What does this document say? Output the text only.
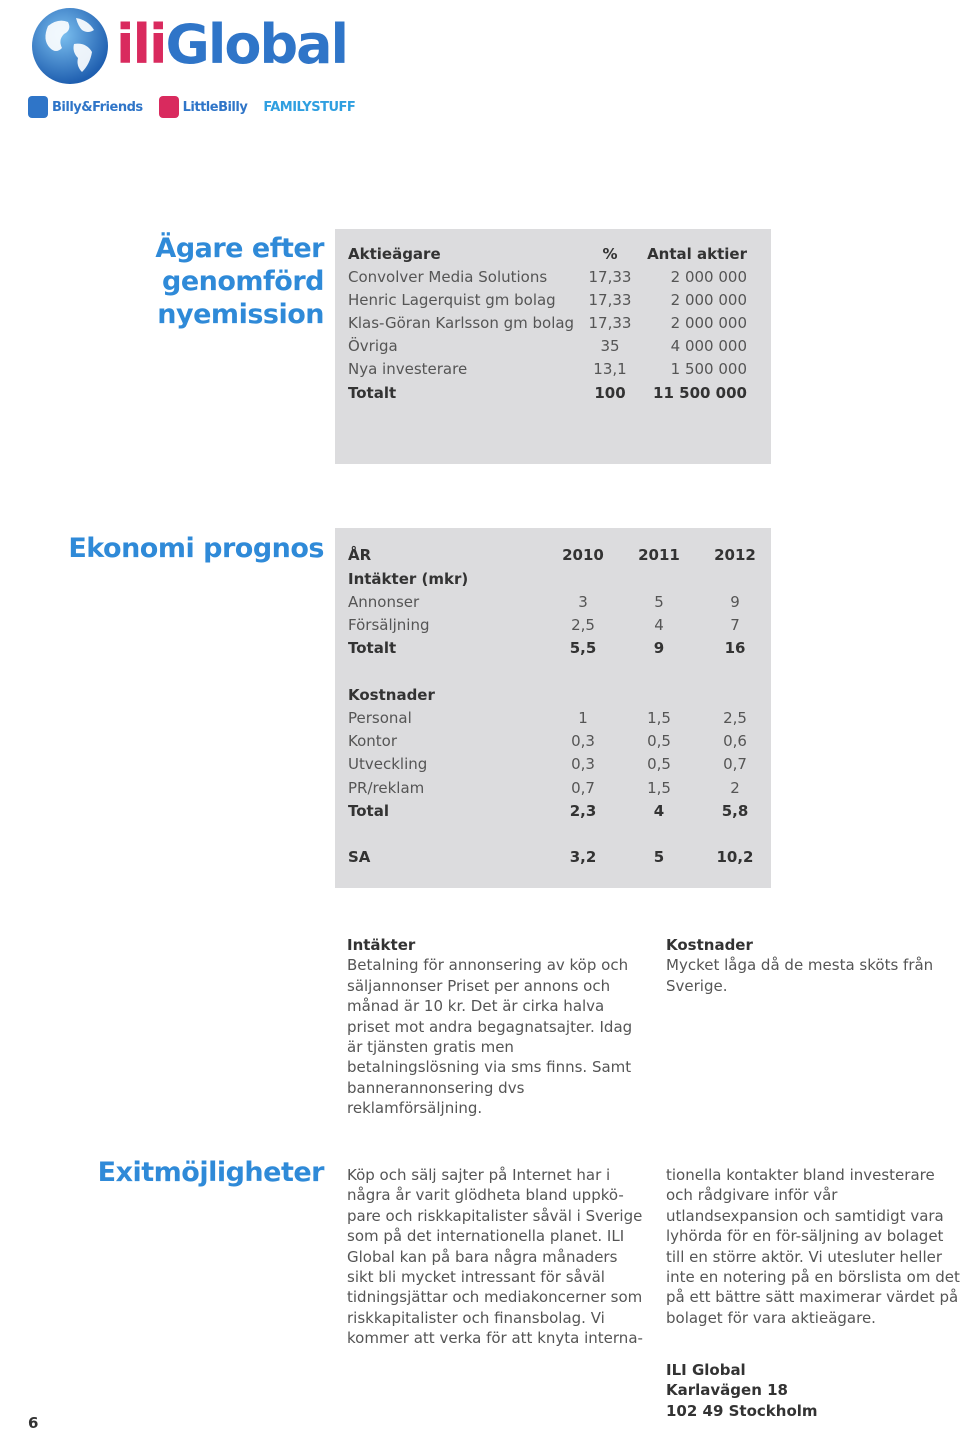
iliGlobal
Billy&Friends	LittleBilly FAMILYSTUFF
Ägare efter
genomförd nyemission
Aktieägare	%	Antal aktier
Convolver Media Solutions	17,33	2 000 000
Henric Lagerquist gm bolag	17,33	2 000 000
Klas-Göran Karlsson gm bolag 17,33	2 000 000
Övriga	35	4 000 000
Nya investerare	13,1	1 500 000
Totalt	100	11 500 000
Ekonomi prognos ÅR	2010	2011	2012
Intäkter (mkr)
Annonser	3	5	9
Försäljning	2,5	4	7
Totalt	5,5	9	16
Kostnader
Personal	1	1,5	2,5
Kontor	0,3	0,5	0,6
Utveckling	0,3	0,5	0,7
PR/reklam	0,7	1,5	2
Total	2,3	4	5,8
SA	3,2	5	10,2
Intäkter
Betalning för annonsering av köp och säljannonser Priset per annons och månad är 10 kr. Det är cirka halva priset mot andra begagnatsajter. Idag är tjänsten gratis men betalningslösning via sms finns. Samt bannerannonsering dvs reklamförsäljning.
Kostnader
Mycket låga då de mesta sköts från Sverige.
Exitmöjligheter Köp och sälj sajter på Internet har i några år varit glödheta bland uppkö-pare och riskkapitalister såväl i Sverige som på det internationella planet. ILI Global kan på bara några månaders sikt bli mycket intressant för såväl tidningsjättar och mediakoncerner som riskkapitalister och finansbolag. Vi kommer att verka för att knyta interna-
tionella kontakter bland investerare och rådgivare inför vår utlandsexpansion och samtidigt vara lyhörda för en för-säljning av bolaget till en större aktör. Vi utesluter heller inte en notering på en börslista om det på ett bättre sätt maximerar värdet på bolaget för vara aktieägare.
ILI Global
Karlavägen 18
102 49 Stockholm
6
